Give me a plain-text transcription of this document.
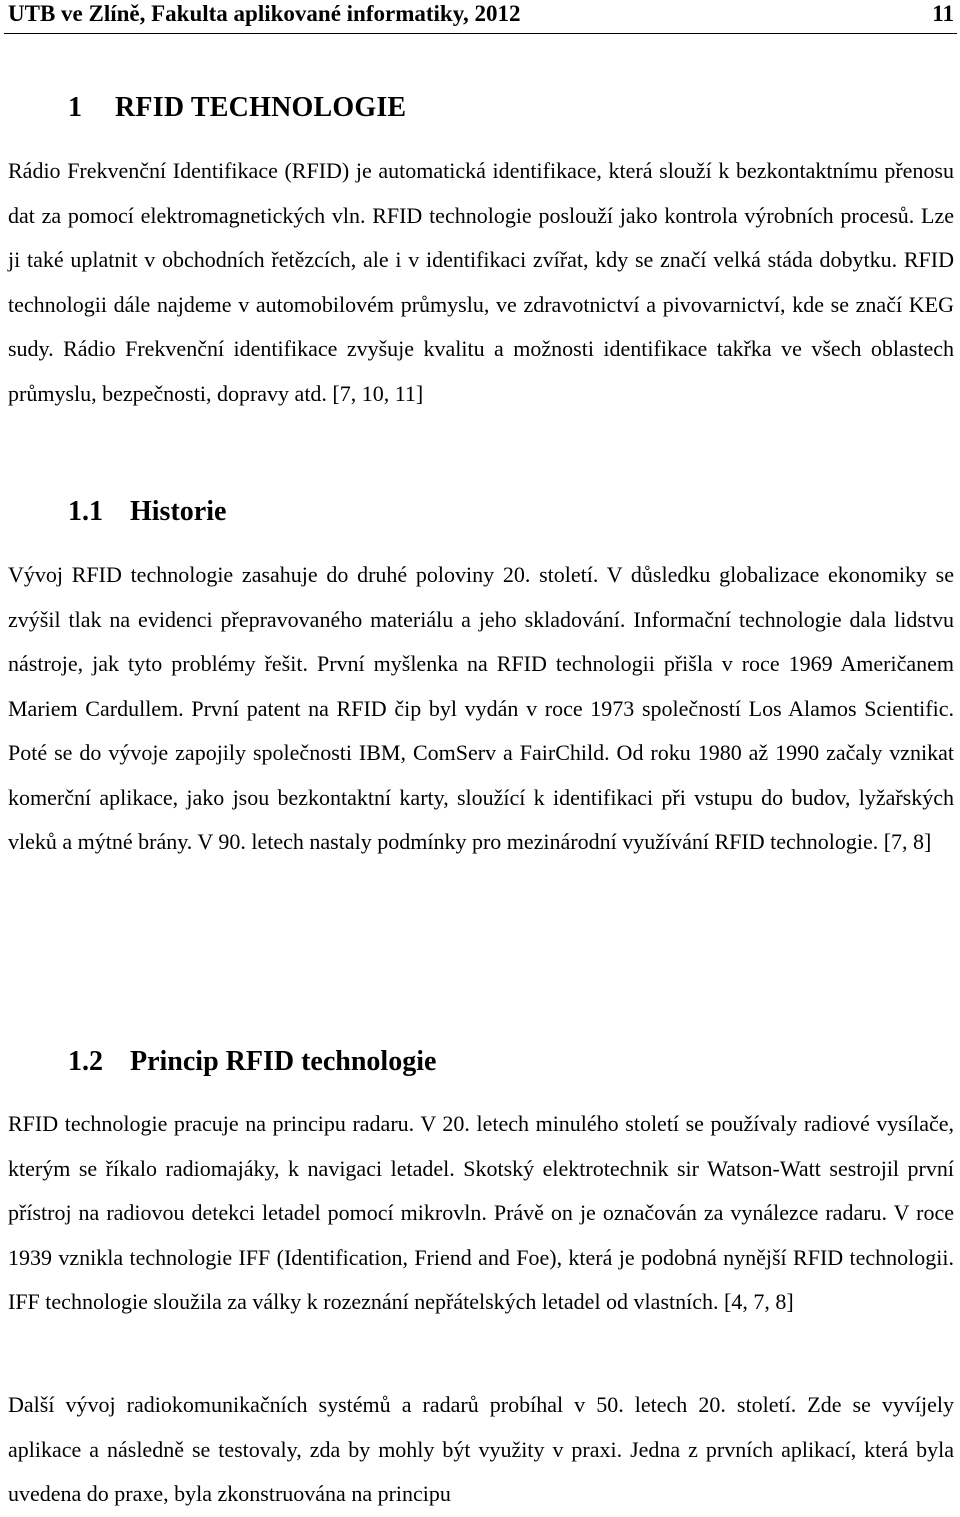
UTB ve Zlíně, Fakultа aplikované informatiky, 2012	11
1 RFID TECHNOLOGIE

Rádio Frekvenční Identifikace (RFID) je automatická identifikace, která slouží k bezkontaktnímu přenosu dat za pomocí elektromagnetických vln. RFID technologie poslouží jako kontrola výrobních procesů. Lze ji také uplatnit v obchodních řetězcích, ale i v identifikaci zvířat, kdy se značí velká stáda dobytku. RFID technologii dále najdeme v automobilovém průmyslu, ve zdravotnictví a pivovarnictví, kde se značí KEG sudy. Rádio Frekvenční identifikace zvyšuje kvalitu a možnosti identifikace takřka ve všech oblastech průmyslu, bezpečnosti, dopravy atd. [7, 10, 11]

1.1 Historie

Vývoj RFID technologie zasahuje do druhé poloviny 20. století. V důsledku globalizace ekonomiky se zvýšil tlak na evidenci přepravovaného materiálu a jeho skladování. Informační technologie dala lidstvu nástroje, jak tyto problémy řešit. První myšlenka na RFID technologii přišla v roce 1969 Američanem Mariem Cardullem. První patent na RFID čip byl vydán v roce 1973 společností Los Alamos Scientific. Poté se do vývoje zapojily společnosti IBM, ComServ a FairChild. Od roku 1980 až 1990 začaly vznikat komerční aplikace, jako jsou bezkontaktní karty, sloužící k identifikaci při vstupu do budov, lyžařských vleků a mýtné brány. V 90. letech nastaly podmínky pro mezinárodní využívání RFID technologie. [7, 8]

1.2 Princip RFID technologie

RFID technologie pracuje na principu radaru. V 20. letech minulého století se používaly radiové vysílače, kterým se říkalo radiomajáky, k navigaci letadel. Skotský elektrotechnik sir Watson-Watt sestrojil první přístroj na radiovou detekci letadel pomocí mikrovln. Právě on je označován za vynálezce radaru. V roce 1939 vznikla technologie IFF (Identification, Friend and Foe), která je podobná nynější RFID technologii. IFF technologie sloužila za války k rozeznání nepřátelských letadel od vlastních. [4, 7, 8]

Další vývoj radiokomunikačních systémů a radarů probíhal v 50. letech 20. století. Zde se vyvíjely aplikace a následně se testovaly, zda by mohly být využity v praxi. Jedna z prvních aplikací, která byla uvedena do praxe, byla zkonstruována na principu
